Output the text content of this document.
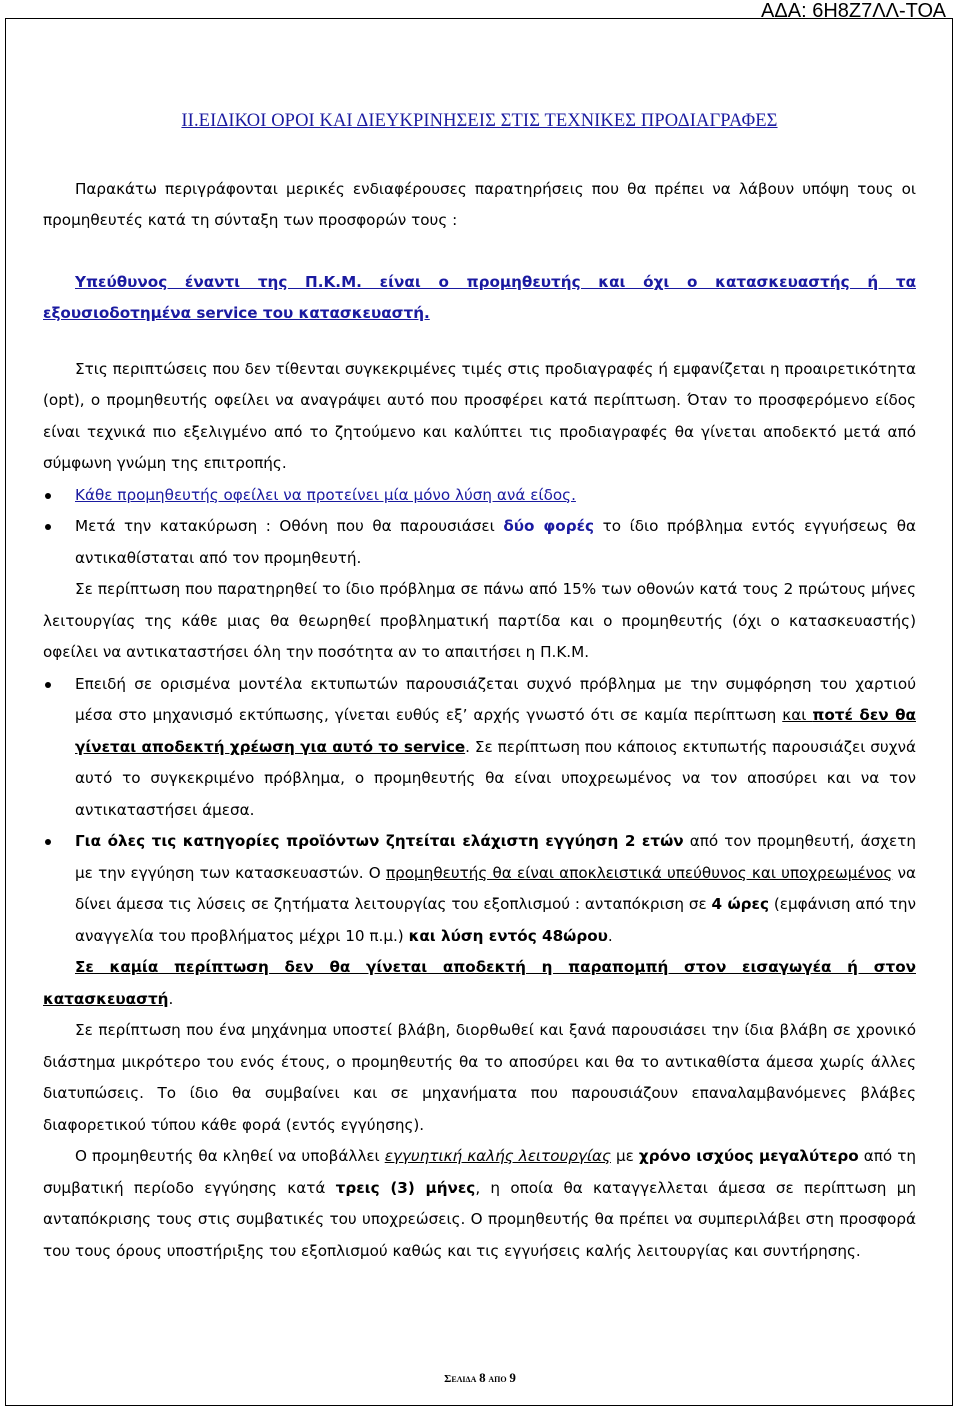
ΑΔΑ: 6Η8Ζ7ΛΛ-ΤΟΑ
ΙΙ.ΕΙΔΙΚΟΙ ΟΡΟΙ ΚΑΙ ΔΙΕΥΚΡΙΝΗΣΕΙΣ ΣΤΙΣ ΤΕΧΝΙΚΕΣ ΠΡΟΔΙΑΓΡΑΦΕΣ

Παρακάτω περιγράφονται μερικές ενδιαφέρουσες παρατηρήσεις που θα πρέπει να λάβουν υπόψη τους οι προμηθευτές κατά τη σύνταξη των προσφορών τους :

Υπεύθυνος έναντι της Π.Κ.Μ. είναι ο προμηθευτής και όχι ο κατασκευαστής ή τα εξουσιοδοτημένα service του κατασκευαστή.

Στις περιπτώσεις που δεν τίθενται συγκεκριμένες τιμές στις προδιαγραφές ή εμφανίζεται η προαιρετικότητα (opt), ο προμηθευτής οφείλει να αναγράψει αυτό που προσφέρει κατά περίπτωση. Όταν το προσφερόμενο είδος είναι τεχνικά πιο εξελιγμένο από το ζητούμενο και καλύπτει τις προδιαγραφές θα γίνεται αποδεκτό μετά από σύμφωνη γνώμη της επιτροπής.

Κάθε προμηθευτής οφείλει να προτείνει μία μόνο λύση ανά είδος.

Μετά την κατακύρωση : Οθόνη που θα παρουσιάσει δύο φορές το ίδιο πρόβλημα εντός εγγυήσεως θα αντικαθίσταται από τον προμηθευτή.

Σε περίπτωση που παρατηρηθεί το ίδιο πρόβλημα σε πάνω από 15% των οθονών κατά τους 2 πρώτους μήνες λειτουργίας της κάθε μιας θα θεωρηθεί προβληματική παρτίδα και ο προμηθευτής (όχι ο κατασκευαστής) οφείλει να αντικαταστήσει όλη την ποσότητα αν το απαιτήσει η Π.Κ.Μ.

Επειδή σε ορισμένα μοντέλα εκτυπωτών παρουσιάζεται συχνό πρόβλημα με την συμφόρηση του χαρτιού μέσα στο μηχανισμό εκτύπωσης, γίνεται ευθύς εξ’ αρχής γνωστό ότι σε καμία περίπτωση και ποτέ δεν θα γίνεται αποδεκτή χρέωση για αυτό το service. Σε περίπτωση που κάποιος εκτυπωτής παρουσιάζει συχνά αυτό το συγκεκριμένο πρόβλημα, ο προμηθευτής θα είναι υποχρεωμένος να τον αποσύρει και να τον αντικαταστήσει άμεσα.

Για όλες τις κατηγορίες προϊόντων ζητείται ελάχιστη εγγύηση 2 ετών από τον προμηθευτή, άσχετη με την εγγύηση των κατασκευαστών. Ο προμηθευτής θα είναι αποκλειστικά υπεύθυνος και υποχρεωμένος να δίνει άμεσα τις λύσεις σε ζητήματα λειτουργίας του εξοπλισμού : ανταπόκριση σε 4 ώρες (εμφάνιση από την αναγγελία του προβλήματος μέχρι 10 π.μ.) και λύση εντός 48ώρου.

Σε καμία περίπτωση δεν θα γίνεται αποδεκτή η παραπομπή στον εισαγωγέα ή στον

κατασκευαστή.

Σε περίπτωση που ένα μηχάνημα υποστεί βλάβη, διορθωθεί και ξανά παρουσιάσει την ίδια βλάβη σε χρονικό διάστημα μικρότερο του ενός έτους, ο προμηθευτής θα το αποσύρει και θα το αντικαθίστα άμεσα χωρίς άλλες διατυπώσεις. Το ίδιο θα συμβαίνει και σε μηχανήματα που παρουσιάζουν επαναλαμβανόμενες βλάβες διαφορετικού τύπου κάθε φορά (εντός εγγύησης).

Ο προμηθευτής θα κληθεί να υποβάλλει εγγυητική καλής λειτουργίας με χρόνο ισχύος μεγαλύτερο από τη συμβατική περίοδο εγγύησης κατά τρεις (3) μήνες, η οποία θα καταγγελλεται άμεσα σε περίπτωση μη ανταπόκρισης τους στις συμβατικές του υποχρεώσεις. Ο προμηθευτής θα πρέπει να συμπεριλάβει στη προσφορά του τους όρους υποστήριξης του εξοπλισμού καθώς και τις εγγυήσεις καλής λειτουργίας και συντήρησης.

Σελιδα 8 απο 9
